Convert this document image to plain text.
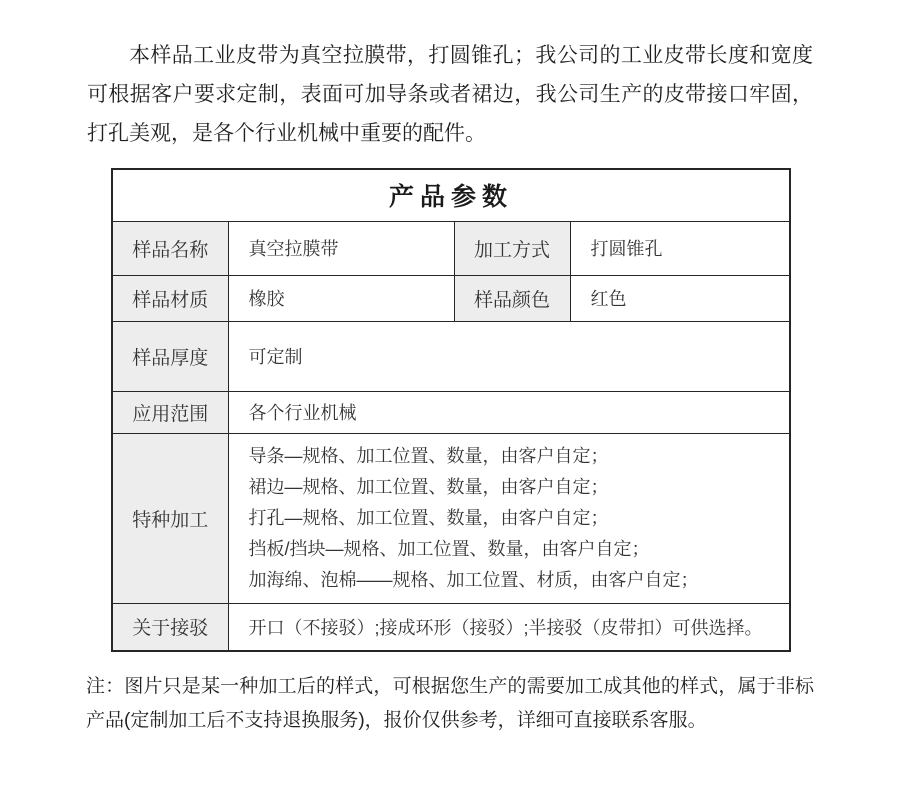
本样品工业皮带为真空拉膜带，打圆锥孔；我公司的工业皮带长度和宽度可根据客户要求定制，表面可加导条或者裙边，我公司生产的皮带接口牢固，打孔美观，是各个行业机械中重要的配件。

产品参数			
样品名称	真空拉膜带	加工方式	打圆锥孔
样品材质	橡胶	样品颜色	红色
样品厚度	可定制		
应用范围	各个行业机械		
特种加工	导条—规格、加工位置、数量，由客户自定；
裙边—规格、加工位置、数量，由客户自定；
打孔—规格、加工位置、数量，由客户自定；
挡板/挡块—规格、加工位置、数量，由客户自定；
加海绵、泡棉——规格、加工位置、材质，由客户自定；		

关于接驳	开口（不接驳）;接成环形（接驳）;半接驳（皮带扣）可供选择。		

注：图片只是某一种加工后的样式，可根据您生产的需要加工成其他的样式，属于非标产品(定制加工后不支持退换服务)，报价仅供参考，详细可直接联系客服。
